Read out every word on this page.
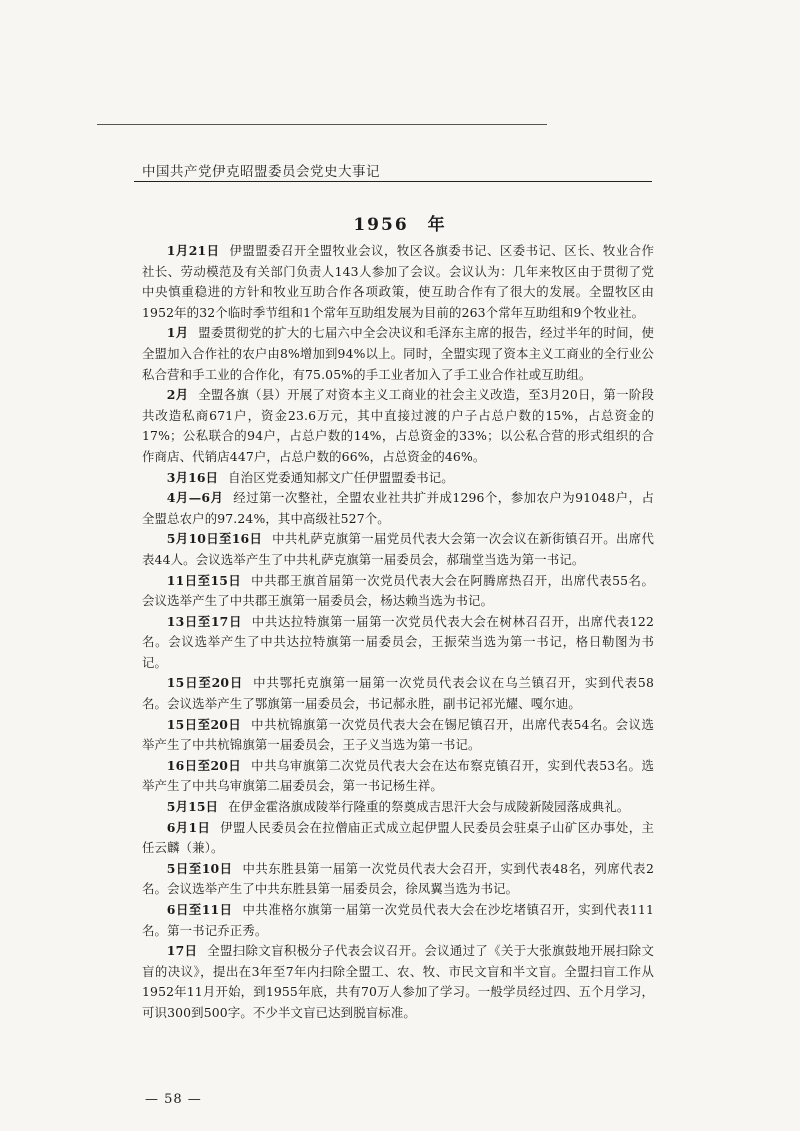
中国共产党伊克昭盟委员会党史大事记
1956　年

1月21日 伊盟盟委召开全盟牧业会议，牧区各旗委书记、区委书记、区长、牧业合作社长、劳动模范及有关部门负责人143人参加了会议。会议认为：几年来牧区由于贯彻了党中央慎重稳进的方针和牧业互助合作各项政策，使互助合作有了很大的发展。全盟牧区由1952年的32个临时季节组和1个常年互助组发展为目前的263个常年互助组和9个牧业社。

1月 盟委贯彻党的扩大的七届六中全会决议和毛泽东主席的报告，经过半年的时间，使全盟加入合作社的农户由8%增加到94%以上。同时，全盟实现了资本主义工商业的全行业公私合营和手工业的合作化，有75.05%的手工业者加入了手工业合作社或互助组。

2月 全盟各旗（县）开展了对资本主义工商业的社会主义改造，至3月20日，第一阶段共改造私商671户，资金23.6万元，其中直接过渡的户子占总户数的15%，占总资金的17%；公私联合的94户，占总户数的14%，占总资金的33%；以公私合营的形式组织的合作商店、代销店447户，占总户数的66%，占总资金的46%。

3月16日 自治区党委通知郝文广任伊盟盟委书记。

4月—6月 经过第一次整社，全盟农业社共扩并成1296个，参加农户为91048户，占全盟总农户的97.24%，其中高级社527个。

5月10日至16日 中共札萨克旗第一届党员代表大会第一次会议在新街镇召开。出席代表44人。会议选举产生了中共札萨克旗第一届委员会，郝瑞堂当选为第一书记。

11日至15日 中共郡王旗首届第一次党员代表大会在阿腾席热召开，出席代表55名。会议选举产生了中共郡王旗第一届委员会，杨达赖当选为书记。

13日至17日 中共达拉特旗第一届第一次党员代表大会在树林召召开，出席代表122名。会议选举产生了中共达拉特旗第一届委员会，王振荣当选为第一书记，格日勒图为书记。

15日至20日 中共鄂托克旗第一届第一次党员代表会议在乌兰镇召开，实到代表58名。会议选举产生了鄂旗第一届委员会，书记郝永胜，副书记祁光耀、嘎尔迪。

15日至20日 中共杭锦旗第一次党员代表大会在锡尼镇召开，出席代表54名。会议选举产生了中共杭锦旗第一届委员会，王子义当选为第一书记。

16日至20日 中共乌审旗第二次党员代表大会在达布察克镇召开，实到代表53名。选举产生了中共乌审旗第二届委员会，第一书记杨生祥。

5月15日 在伊金霍洛旗成陵举行隆重的祭奠成吉思汗大会与成陵新陵园落成典礼。

6月1日 伊盟人民委员会在拉僧庙正式成立起伊盟人民委员会驻桌子山矿区办事处，主任云麟（兼）。

5日至10日 中共东胜县第一届第一次党员代表大会召开，实到代表48名，列席代表2名。会议选举产生了中共东胜县第一届委员会，徐凤翼当选为书记。

6日至11日 中共准格尔旗第一届第一次党员代表大会在沙圪堵镇召开，实到代表111名。第一书记乔正秀。

17日 全盟扫除文盲积极分子代表会议召开。会议通过了《关于大张旗鼓地开展扫除文盲的决议》，提出在3年至7年内扫除全盟工、农、牧、市民文盲和半文盲。全盟扫盲工作从1952年11月开始，到1955年底，共有70万人参加了学习。一般学员经过四、五个月学习，可识300到500字。不少半文盲已达到脱盲标准。

— 58 —
